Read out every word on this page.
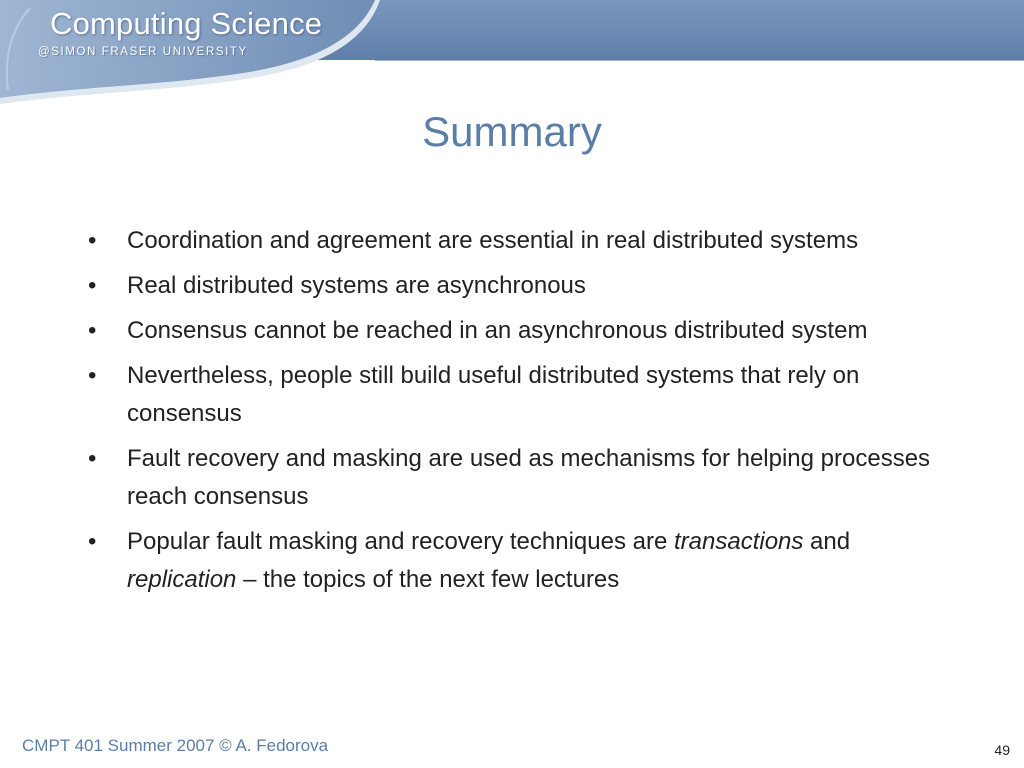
Computing Science
@SIMON FRASER UNIVERSITY
Summary
•	Coordination and agreement are essential in real distributed systems
•	Real distributed systems are asynchronous
•	Consensus cannot be reached in an asynchronous distributed system
•	Nevertheless, people still build useful distributed systems that rely on consensus
•	Fault recovery and masking are used as mechanisms for helping processes reach consensus
•	Popular fault masking and recovery techniques are transactions and replication – the topics of the next few lectures
CMPT 401 Summer 2007 © A. Fedorova	49
